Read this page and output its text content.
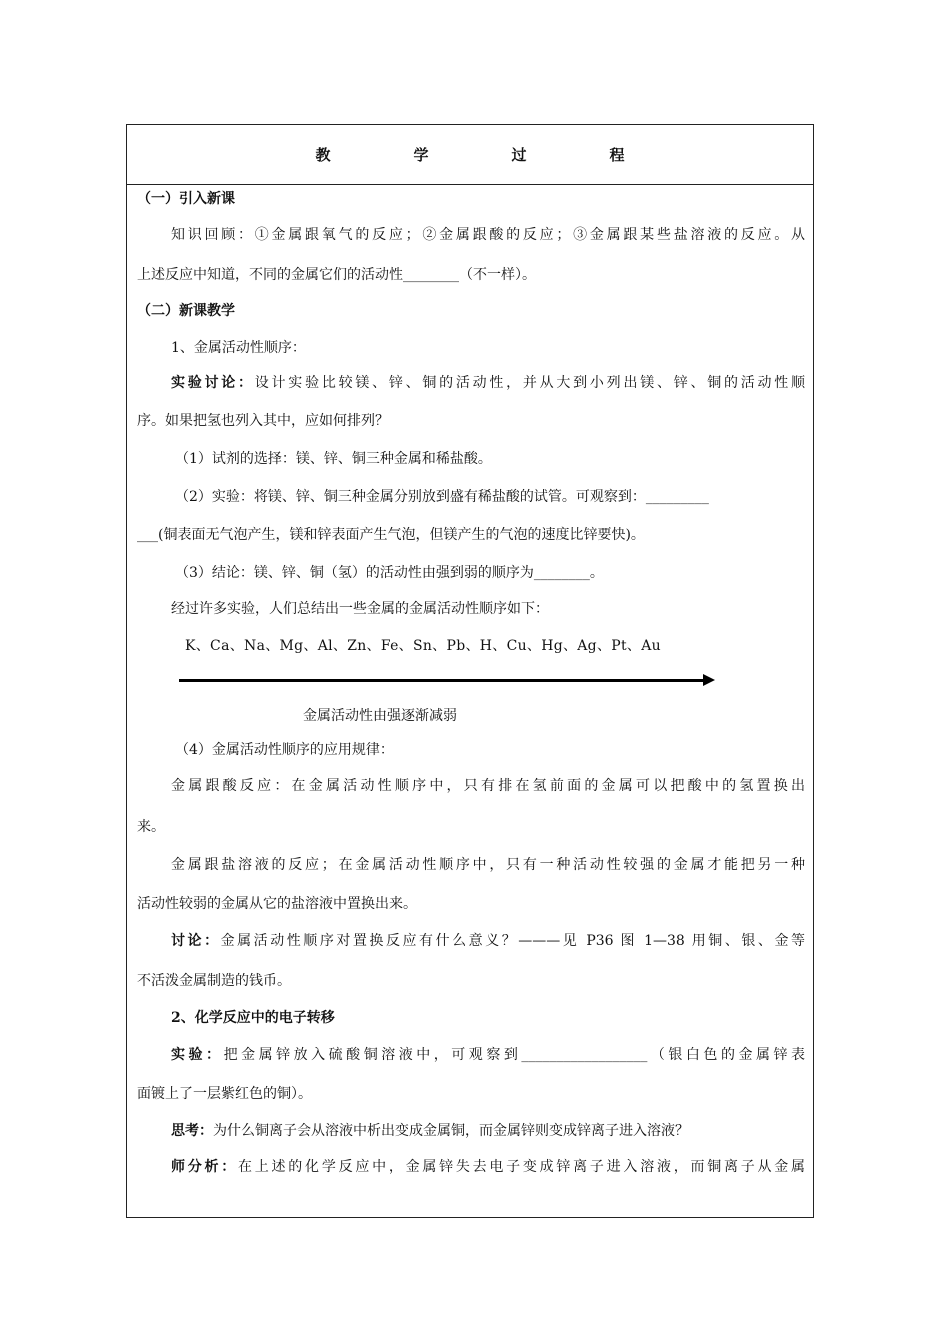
教　学　过　程
（一）引入新课
知识回顾：①金属跟氧气的反应；②金属跟酸的反应；③金属跟某些盐溶液的反应。从
上述反应中知道，不同的金属它们的活动性________（不一样）。
（二）新课教学
1、金属活动性顺序：
实验讨论：设计实验比较镁、锌、铜的活动性，并从大到小列出镁、锌、铜的活动性顺
序。如果把氢也列入其中，应如何排列？
（1）试剂的选择：镁、锌、铜三种金属和稀盐酸。
（2）实验：将镁、锌、铜三种金属分别放到盛有稀盐酸的试管。可观察到：_________
___(铜表面无气泡产生，镁和锌表面产生气泡，但镁产生的气泡的速度比锌要快)。
（3）结论：镁、锌、铜（氢）的活动性由强到弱的顺序为________。
经过许多实验，人们总结出一些金属的金属活动性顺序如下：
K、Ca、Na、Mg、Al、Zn、Fe、Sn、Pb、H、Cu、Hg、Ag、Pt、Au
金属活动性由强逐渐减弱
（4）金属活动性顺序的应用规律：
金属跟酸反应：在金属活动性顺序中，只有排在氢前面的金属可以把酸中的氢置换出
来。
金属跟盐溶液的反应；在金属活动性顺序中，只有一种活动性较强的金属才能把另一种
活动性较弱的金属从它的盐溶液中置换出来。
讨论：金属活动性顺序对置换反应有什么意义？———见 P36 图 1—38 用铜、银、金等
不活泼金属制造的钱币。
2、化学反应中的电子转移
实验：把金属锌放入硫酸铜溶液中，可观察到__________________（银白色的金属锌表
面镀上了一层紫红色的铜）。
思考：为什么铜离子会从溶液中析出变成金属铜，而金属锌则变成锌离子进入溶液？
师分析：在上述的化学反应中，金属锌失去电子变成锌离子进入溶液，而铜离子从金属
